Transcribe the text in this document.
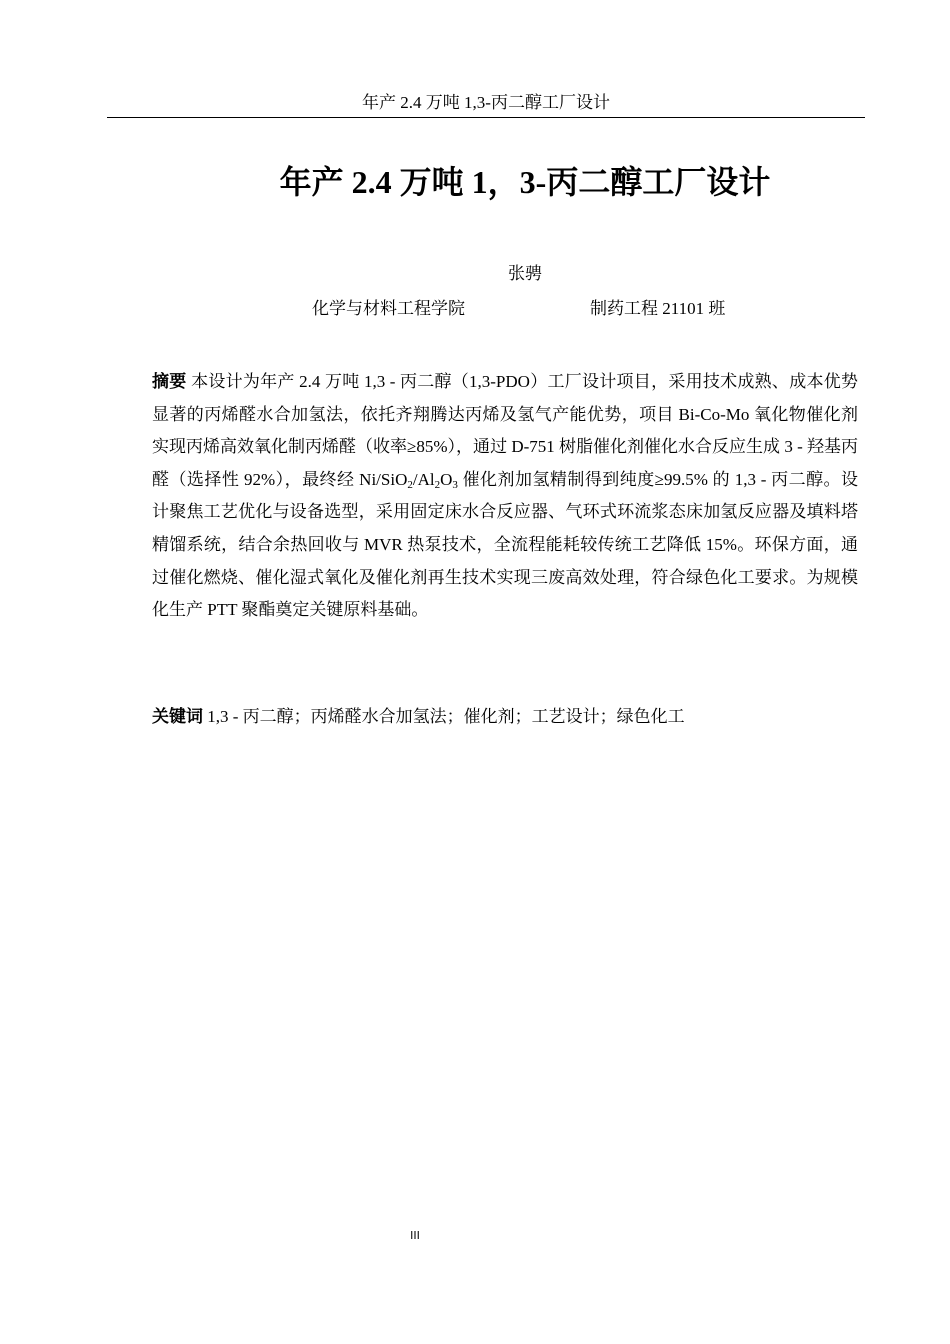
年产 2.4 万吨 1,3-丙二醇工厂设计
年产 2.4 万吨 1，3-丙二醇工厂设计
张骋
化学与材料工程学院	制药工程 21101 班

摘要 本设计为年产 2.4 万吨 1,3 - 丙二醇（1,3-PDO）工厂设计项目，采用技术成熟、成本优势显著的丙烯醛水合加氢法，依托齐翔腾达丙烯及氢气产能优势，项目 Bi-Co-Mo 氧化物催化剂实现丙烯高效氧化制丙烯醛（收率≥85%），通过 D-751 树脂催化剂催化水合反应生成 3 - 羟基丙醛（选择性 92%），最终经 $Ni/SiO_2/Al_2O_3$ 催化剂加氢精制得到纯度≥99.5% 的 1,3 - 丙二醇。设计聚焦工艺优化与设备选型，采用固定床水合反应器、气环式环流浆态床加氢反应器及填料塔精馏系统，结合余热回收与 MVR 热泵技术，全流程能耗较传统工艺降低 15%。环保方面，通过催化燃烧、催化湿式氧化及催化剂再生技术实现三废高效处理，符合绿色化工要求。为规模化生产 PTT 聚酯奠定关键原料基础。

关键词 1,3 - 丙二醇；丙烯醛水合加氢法；催化剂；工艺设计；绿色化工

III
